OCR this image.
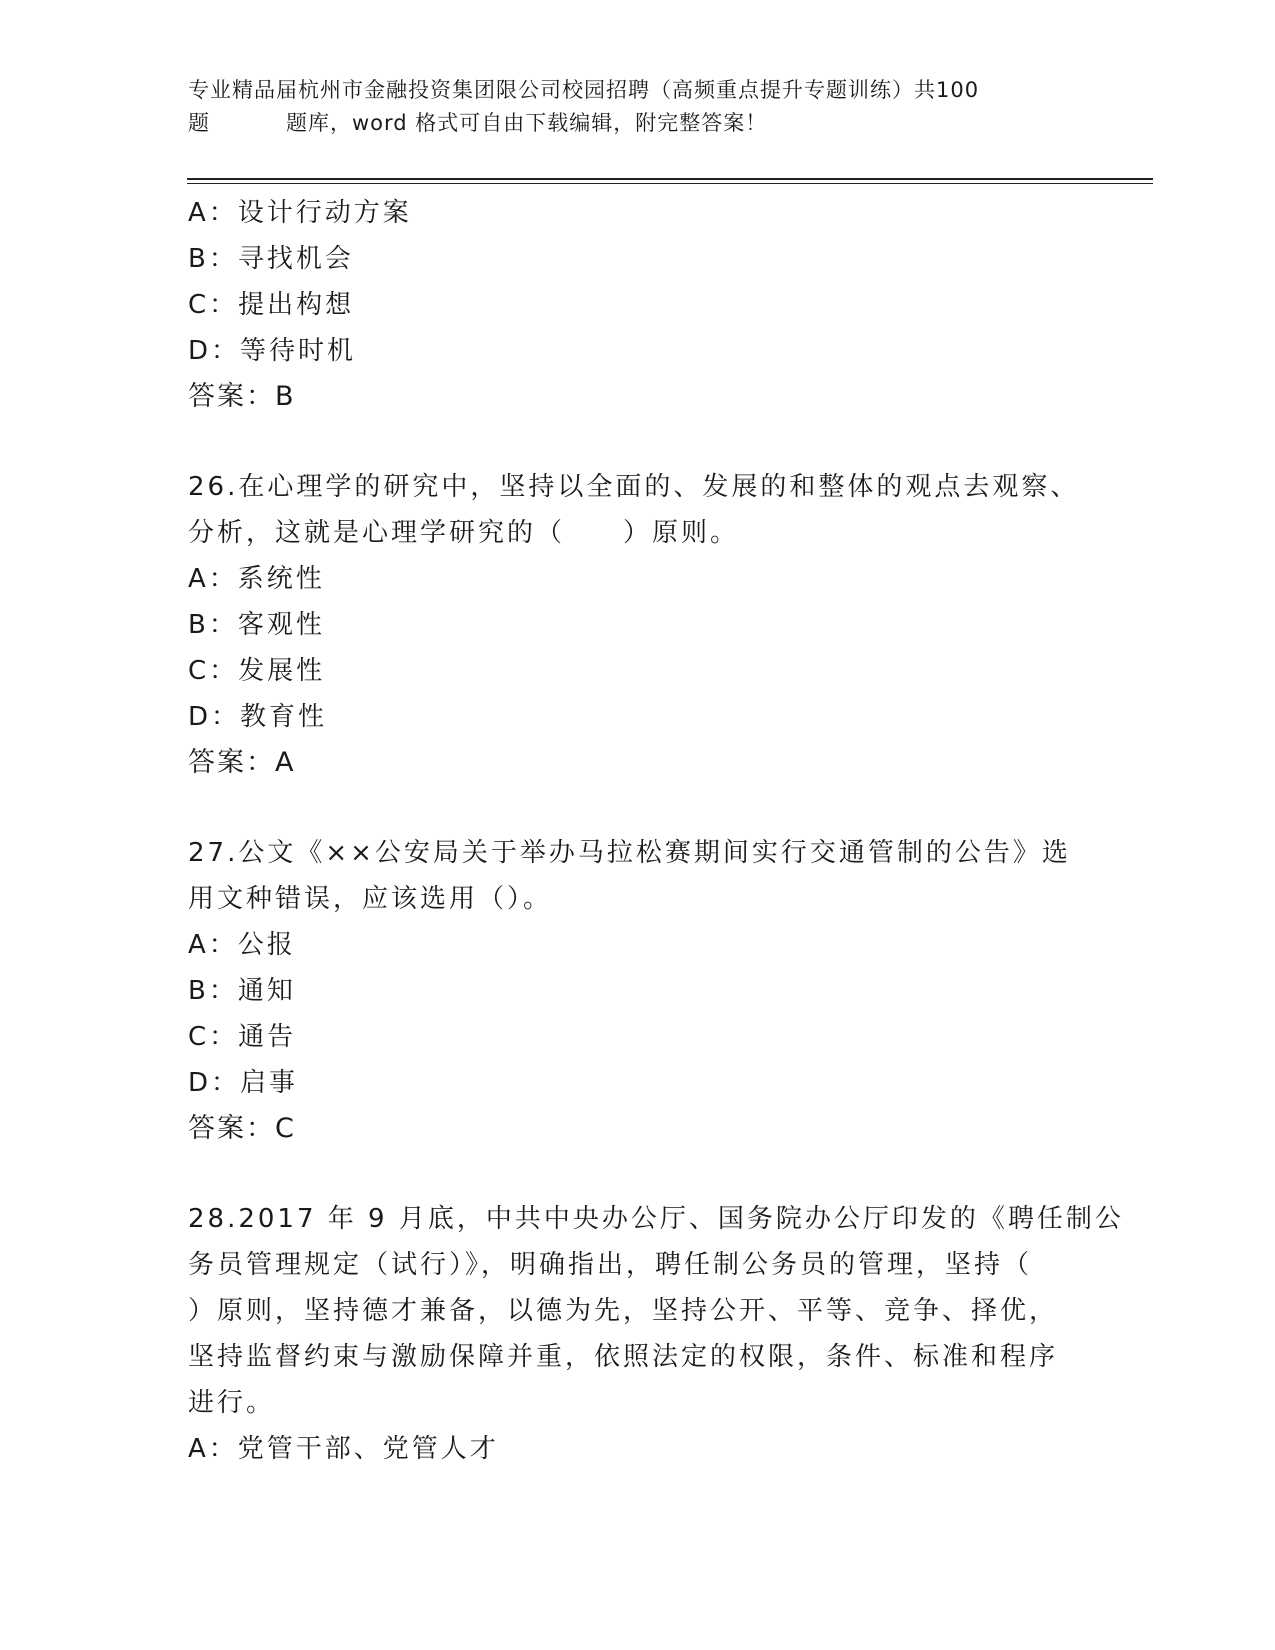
专业精品届杭州市金融投资集团限公司校园招聘（高频重点提升专题训练）共100
题	题库，word 格式可自由下载编辑，附完整答案！
A：设计行动方案
B：寻找机会
C：提出构想
D：等待时机
答案：B
26.在心理学的研究中，坚持以全面的、发展的和整体的观点去观察、
分析，这就是心理学研究的（　　）原则。
A：系统性
B：客观性
C：发展性
D：教育性
答案：A
27.公文《××公安局关于举办马拉松赛期间实行交通管制的公告》选
用文种错误，应该选用（）。
A：公报
B：通知
C：通告
D：启事
答案：C
28.2017 年 9 月底，中共中央办公厅、国务院办公厅印发的《聘任制公
务员管理规定（试行）》，明确指出，聘任制公务员的管理，坚持（
）原则，坚持德才兼备，以德为先，坚持公开、平等、竞争、择优，
坚持监督约束与激励保障并重，依照法定的权限，条件、标准和程序
进行。
A：党管干部、党管人才
